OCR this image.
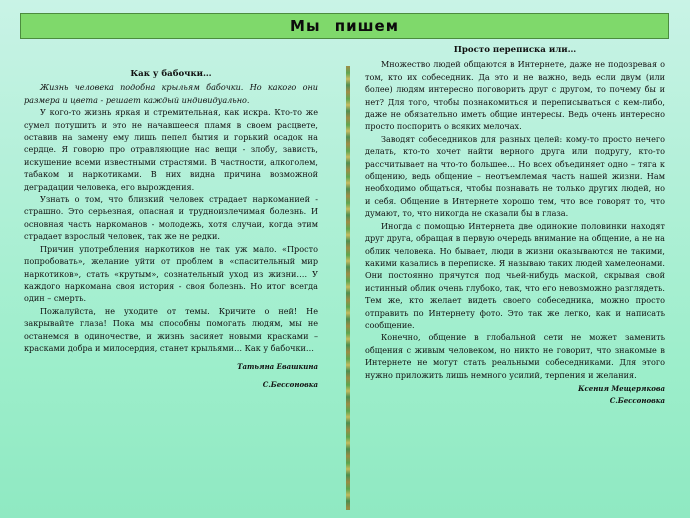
Мы пишем

Как у бабочки…

Жизнь человека подобна крыльям бабочки. Но какого они размера и цвета - решает каждый индивидуально.

У кого-то жизнь яркая и стремительная, как искра. Кто-то же сумел потушить и это не начавшееся пламя в своем расцвете, оставив на замену ему лишь пепел бытия и горький осадок на сердце. Я говорю про отравляющие нас вещи - злобу, зависть, искушение всеми известными страстями. В частности, алкоголем, табаком и наркотиками. В них видна причина возможной деградации человека, его вырождения.

Узнать о том, что близкий человек страдает наркоманией - страшно. Это серьезная, опасная и трудноизлечимая болезнь. И основная часть наркоманов - молодежь, хотя случаи, когда этим страдает взрослый человек, так же не редки.

Причин употребления наркотиков не так уж мало. «Просто попробовать», желание уйти от проблем в «спасительный мир наркотиков», стать «крутым», сознательный уход из жизни…. У каждого наркомана своя история - своя болезнь. Но итог всегда один – смерть.

Пожалуйста, не уходите от темы. Кричите о ней! Не закрывайте глаза! Пока мы способны помогать людям, мы не останемся в одиночестве, и жизнь засияет новыми красками – красками добра и милосердия, станет крыльями… Как у бабочки…

Татьяна Евашкина
С.Бессоновка

Просто переписка или…

Множество людей общаются в Интернете, даже не подозревая о том, кто их собеседник. Да это и не важно, ведь если двум (или более) людям интересно поговорить друг с другом, то почему бы и нет? Для того, чтобы познакомиться и переписываться с кем-либо, даже не обязательно иметь общие интересы. Ведь очень интересно просто поспорить о всяких мелочах.

Заводят собеседников для разных целей: кому-то просто нечего делать, кто-то хочет найти верного друга или подругу, кто-то рассчитывает на что-то большее… Но всех объединяет одно – тяга к общению, ведь общение – неотъемлемая часть нашей жизни. Нам необходимо общаться, чтобы познавать не только других людей, но и себя. Общение в Интернете хорошо тем, что все говорят то, что думают, то, что никогда не сказали бы в глаза.

Иногда с помощью Интернета две одинокие половинки находят друг друга, обращая в первую очередь внимание на общение, а не на облик человека. Но бывает, люди в жизни оказываются не такими, какими казались в переписке. Я называю таких людей хамелеонами. Они постоянно прячутся под чьей-нибудь маской, скрывая свой истинный облик очень глубоко, так, что его невозможно разглядеть. Тем же, кто желает видеть своего собеседника, можно просто отправить по Интернету фото. Это так же легко, как и написать сообщение.

Конечно, общение в глобальной сети не может заменить общения с живым человеком, но никто не говорит, что знакомые в Интернете не могут стать реальными собеседниками. Для этого нужно приложить лишь немного усилий, терпения и желания.

Ксения Мещерякова
С.Бессоновка
